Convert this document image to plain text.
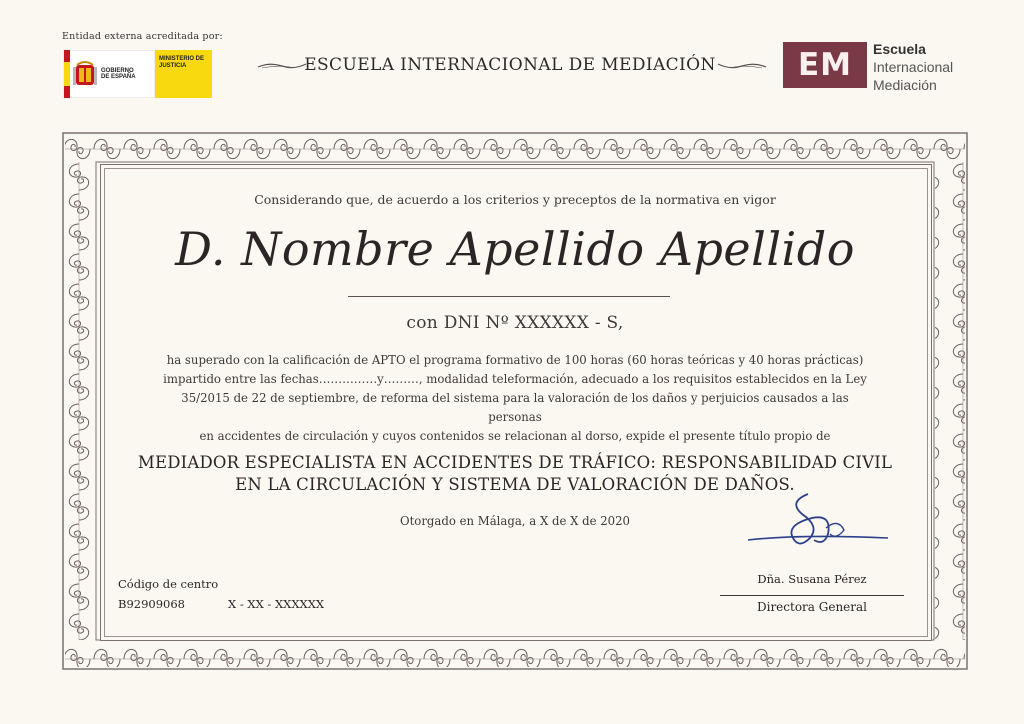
Entidad externa acreditada por:
GOBIERNO DE ESPAÑA
MINISTERIO DE JUSTICIA	ESCUELA INTERNACIONAL DE MEDIACIÓN	EM	Escuela
Internacional
Mediación
Considerando que, de acuerdo a los criterios y preceptos de la normativa en vigor
D. Nombre Apellido Apellido
con DNI Nº XXXXXX - S,
ha superado con la calificación de APTO el programa formativo de 100 horas (60 horas teóricas y 40 horas prácticas)
impartido entre las fechas……………y………, modalidad teleformación, adecuado a los requisitos establecidos en la Ley
35/2015 de 22 de septiembre, de reforma del sistema para la valoración de los daños y perjuicios causados a las personas
en accidentes de circulación y cuyos contenidos se relacionan al dorso, expide el presente título propio de
MEDIADOR ESPECIALISTA EN ACCIDENTES DE TRÁFICO: RESPONSABILIDAD CIVIL
EN LA CIRCULACIÓN Y SISTEMA DE VALORACIÓN DE DAÑOS.
Otorgado en Málaga, a X de X de 2020
Código de centro
B92909068	X - XX - XXXXXX
Dña. Susana Pérez
Directora General
